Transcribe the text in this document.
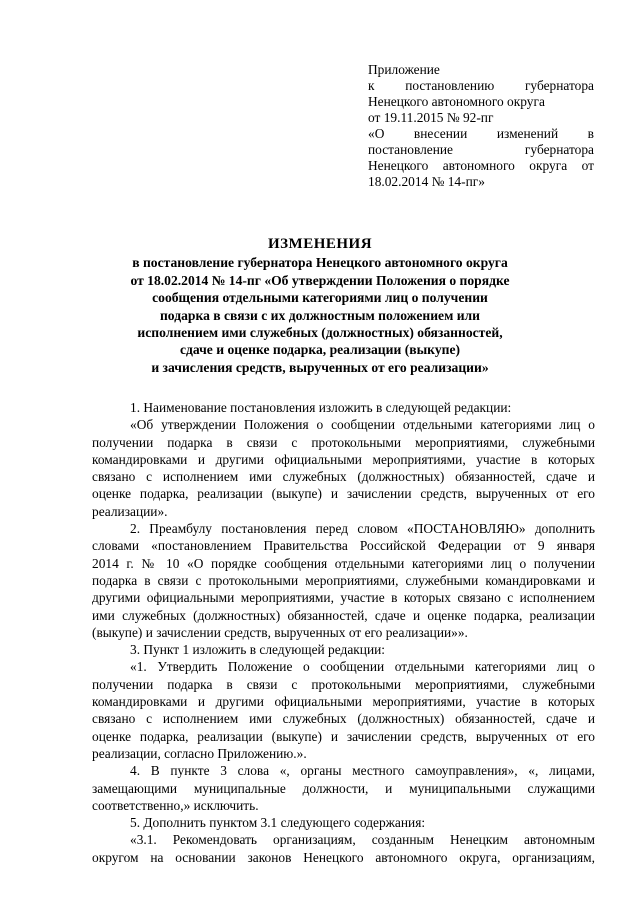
Приложение
к постановлению губернатора
Ненецкого автономного округа
от 19.11.2015 № 92-пг
«О внесении изменений в
постановление губернатора
Ненецкого автономного округа от
18.02.2014 № 14-пг»
ИЗМЕНЕНИЯ
в постановление губернатора Ненецкого автономного округа
от 18.02.2014 № 14-пг «Об утверждении Положения о порядке
сообщения отдельными категориями лиц о получении
подарка в связи с их должностным положением или
исполнением ими служебных (должностных) обязанностей,
сдаче и оценке подарка, реализации (выкупе)
и зачисления средств, вырученных от его реализации»
1. Наименование постановления изложить в следующей редакции:
«Об утверждении Положения о сообщении отдельными категориями лиц о
получении подарка в связи с протокольными мероприятиями, служебными
командировками и другими официальными мероприятиями, участие в которых
связано с исполнением ими служебных (должностных) обязанностей, сдаче и
оценке подарка, реализации (выкупе) и зачислении средств, вырученных от его
реализации».
2. Преамбулу постановления перед словом «ПОСТАНОВЛЯЮ» дополнить
словами «постановлением Правительства Российской Федерации от 9 января
2014 г. № 10 «О порядке сообщения отдельными категориями лиц о получении
подарка в связи с протокольными мероприятиями, служебными командировками и
другими официальными мероприятиями, участие в которых связано с исполнением
ими служебных (должностных) обязанностей, сдаче и оценке подарка, реализации
(выкупе) и зачислении средств, вырученных от его реализации»».
3. Пункт 1 изложить в следующей редакции:
«1. Утвердить Положение о сообщении отдельными категориями лиц о
получении подарка в связи с протокольными мероприятиями, служебными
командировками и другими официальными мероприятиями, участие в которых
связано с исполнением ими служебных (должностных) обязанностей, сдаче и
оценке подарка, реализации (выкупе) и зачислении средств, вырученных от его
реализации, согласно Приложению.».
4. В пункте 3 слова «, органы местного самоуправления», «, лицами,
замещающими муниципальные должности, и муниципальными служащими
соответственно,» исключить.
5. Дополнить пунктом 3.1 следующего содержания:
«3.1. Рекомендовать организациям, созданным Ненецким автономным
округом на основании законов Ненецкого автономного округа, организациям,
